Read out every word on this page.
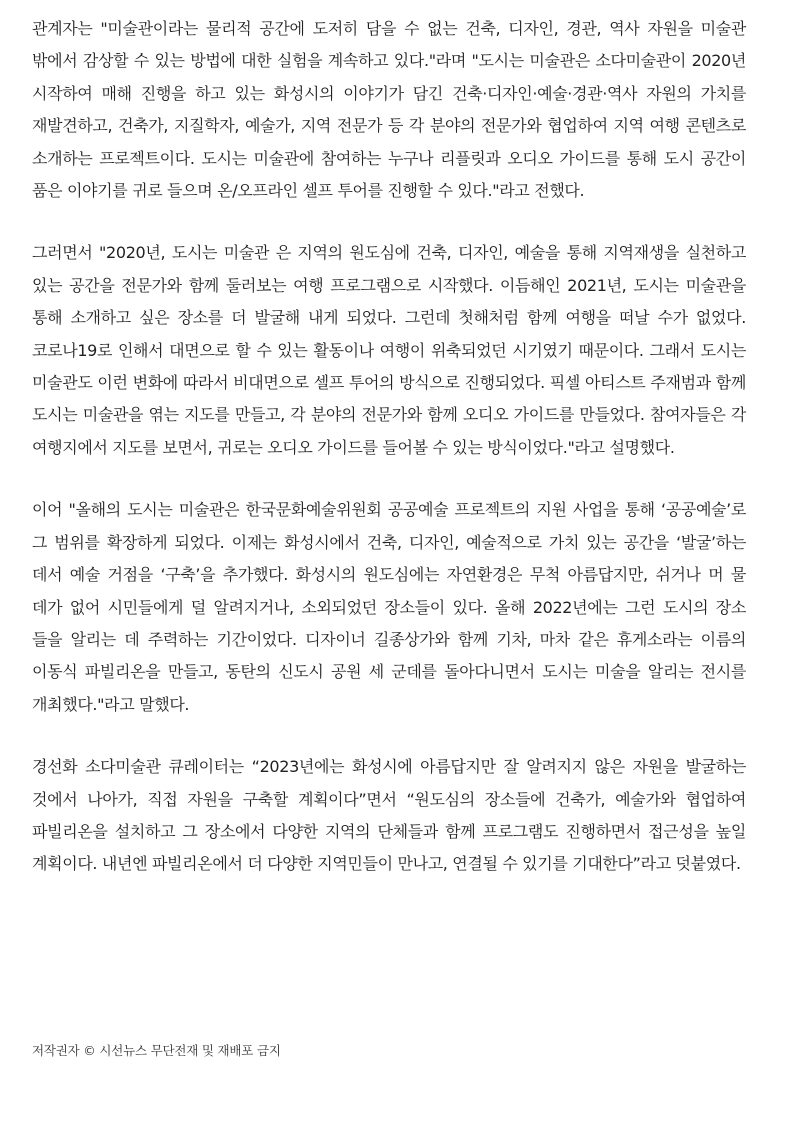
관계자는 "미술관이라는 물리적 공간에 도저히 담을 수 없는 건축, 디자인, 경관, 역사 자원을 미술관 밖에서 감상할 수 있는 방법에 대한 실험을 계속하고 있다."라며 "도시는 미술관은 소다미술관이 2020년 시작하여 매해 진행을 하고 있는 화성시의 이야기가 담긴 건축·디자인·예술·경관·역사 자원의 가치를 재발견하고, 건축가, 지질학자, 예술가, 지역 전문가 등 각 분야의 전문가와 협업하여 지역 여행 콘텐츠로 소개하는 프로젝트이다. 도시는 미술관에 참여하는 누구나 리플릿과 오디오 가이드를 통해 도시 공간이 품은 이야기를 귀로 들으며 온/오프라인 셀프 투어를 진행할 수 있다."라고 전했다.

그러면서 "2020년, 도시는 미술관 은 지역의 원도심에 건축, 디자인, 예술을 통해 지역재생을 실천하고 있는 공간을 전문가와 함께 둘러보는 여행 프로그램으로 시작했다. 이듬해인 2021년, 도시는 미술관을 통해 소개하고 싶은 장소를 더 발굴해 내게 되었다. 그런데 첫해처럼 함께 여행을 떠날 수가 없었다. 코로나19로 인해서 대면으로 할 수 있는 활동이나 여행이 위축되었던 시기였기 때문이다. 그래서 도시는 미술관도 이런 변화에 따라서 비대면으로 셀프 투어의 방식으로 진행되었다. 픽셀 아티스트 주재범과 함께 도시는 미술관을 엮는 지도를 만들고, 각 분야의 전문가와 함께 오디오 가이드를 만들었다. 참여자들은 각 여행지에서 지도를 보면서, 귀로는 오디오 가이드를 들어볼 수 있는 방식이었다."라고 설명했다.

이어 "올해의 도시는 미술관은 한국문화예술위원회 공공예술 프로젝트의 지원 사업을 통해 ‘공공예술’로 그 범위를 확장하게 되었다. 이제는 화성시에서 건축, 디자인, 예술적으로 가치 있는 공간을 ‘발굴’하는 데서 예술 거점을 ‘구축’을 추가했다. 화성시의 원도심에는 자연환경은 무척 아름답지만, 쉬거나 머 물 데가 없어 시민들에게 덜 알려지거나, 소외되었던 장소들이 있다. 올해 2022년에는 그런 도시의 장소 들을 알리는 데 주력하는 기간이었다. 디자이너 길종상가와 함께 기차, 마차 같은 휴게소라는 이름의 이동식 파빌리온을 만들고, 동탄의 신도시 공원 세 군데를 돌아다니면서 도시는 미술을 알리는 전시를 개최했다."라고 말했다.

경선화 소다미술관 큐레이터는 “2023년에는 화성시에 아름답지만 잘 알려지지 않은 자원을 발굴하는 것에서 나아가, 직접 자원을 구축할 계획이다”면서 “원도심의 장소들에 건축가, 예술가와 협업하여 파빌리온을 설치하고 그 장소에서 다양한 지역의 단체들과 함께 프로그램도 진행하면서 접근성을 높일 계획이다. 내년엔 파빌리온에서 더 다양한 지역민들이 만나고, 연결될 수 있기를 기대한다”라고 덧붙였다.

저작권자 © 시선뉴스 무단전재 및 재배포 금지
